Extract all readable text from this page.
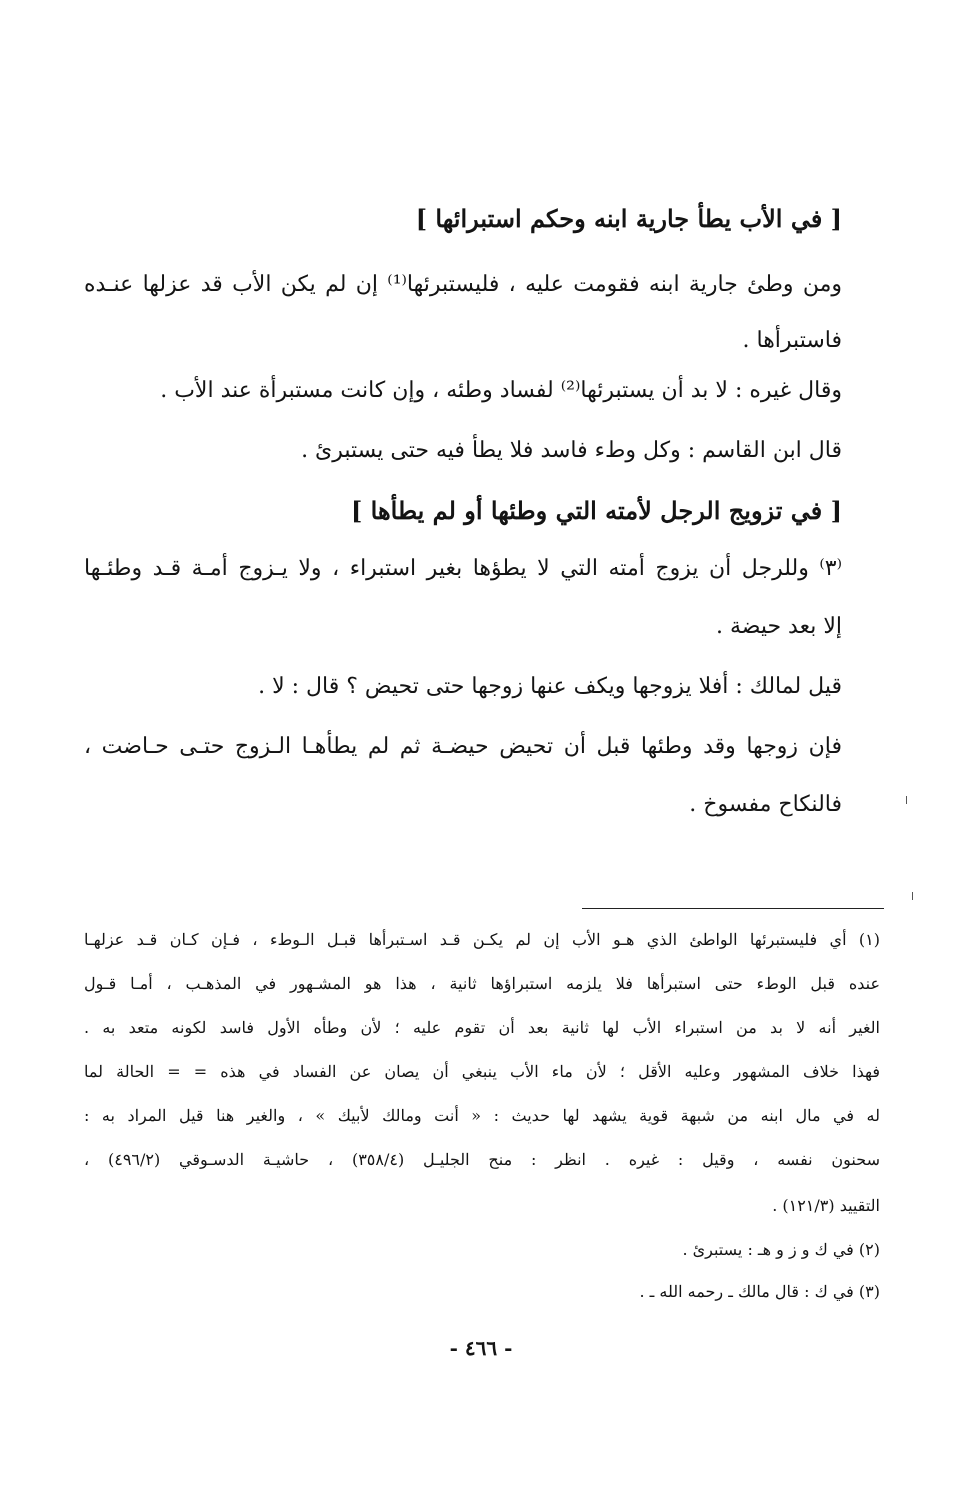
[ في الأب يطأ جارية ابنه وحكم استبرائها ]
ومن وطئ جارية ابنه فقومت عليه ، فليستبرئها⁽¹⁾ إن لم يكن الأب قد عزلها عنـده
فاستبرأها .
وقال غيره : لا بد أن يستبرئها⁽²⁾ لفساد وطئه ، وإن كانت مستبرأة عند الأب .
قال ابن القاسم : وكل وطء فاسد فلا يطأ فيه حتى يستبرئ .
[ في تزويج الرجل لأمته التي وطئها أو لم يطأها ]
⁽٣⁾ وللرجل أن يزوج أمته التي لا يطؤها بغير استبراء ، ولا يـزوج أمـة قـد وطئـها
إلا بعد حيضة .
قيل لمالك : أفلا يزوجها ويكف عنها زوجها حتى تحيض ؟ قال : لا .
فإن زوجها وقد وطئها قبل أن تحيض حيضـة ثم لم يطأهـا الـزوج حتـى حـاضت ،
فالنكاح مفسوخ .
(١) أي فليستبرئها الواطئ الذي هـو الأب إن لم يكـن قـد اسـتبرأها قبـل الـوطء ، فـإن كـان قـد عزلهـا
عنده قبل الوطء حتى استبرأها فلا يلزمه استبراؤها ثانية ، هذا هو المشـهور في المذهـب ، أمـا قـول
الغير أنه لا بد من استبراء الأب لها ثانية بعد أن تقوم عليه ؛ لأن وطأه الأول فاسد لكونه متعد به .
فهذا خلاف المشهور وعليه الأقل ؛ لأن ماء الأب ينبغي أن يصان عن الفساد في هذه = = الحالة لما
له في مال ابنه من شبهة قوية يشهد لها حديث : « أنت ومالك لأبيك » ، والغير هنا قيل المراد به :
سحنون نفسه ، وقيل : غيره . انظر : منح الجليـل (٣٥٨/٤) ، حاشيـة الدسـوقي (٤٩٦/٢) ،
التقييد (١٢١/٣) .
(٢) في ك و ز و هـ : يستبرئ .
(٣) في ك : قال مالك ـ رحمه الله ـ .
- ٤٦٦ -
